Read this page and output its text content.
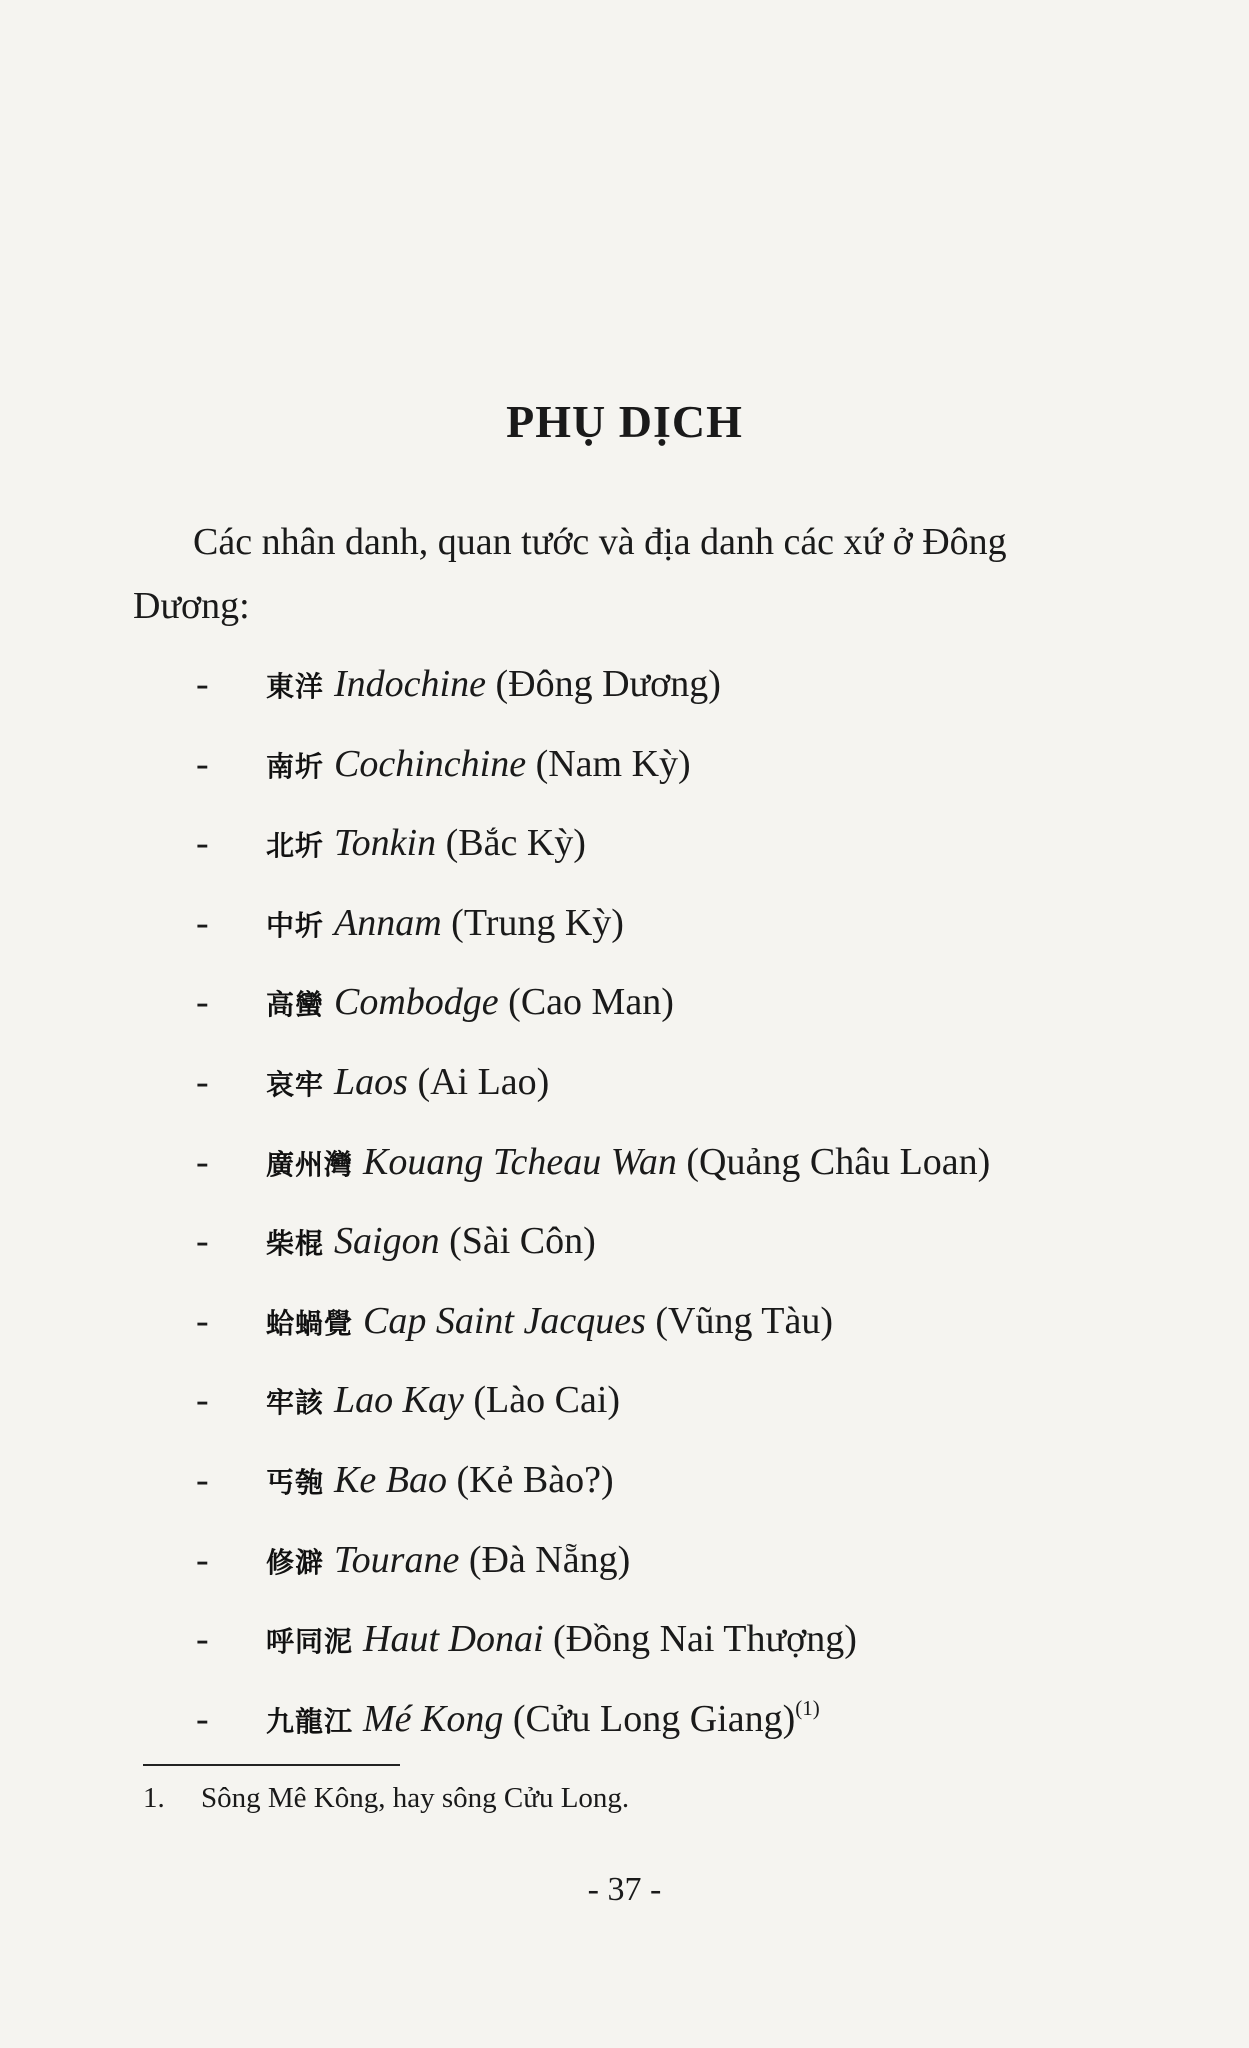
PHỤ DỊCH

Các nhân danh, quan tước và địa danh các xứ ở Đông Dương:

- 東洋 Indochine (Đông Dương)
- 南圻 Cochinchine (Nam Kỳ)
- 北圻 Tonkin (Bắc Kỳ)
- 中圻 Annam (Trung Kỳ)
- 高蠻 Combodge (Cao Man)
- 哀牢 Laos (Ai Lao)
- 廣州灣 Kouang Tcheau Wan (Quảng Châu Loan)
- 柴棍 Saigon (Sài Côn)
- 蛤蝸覺 Cap Saint Jacques (Vũng Tàu)
- 牢該 Lao Kay (Lào Cai)
- 丐匏 Ke Bao (Kẻ Bào?)
- 修澼 Tourane (Đà Nẵng)
- 呼同泥 Haut Donai (Đồng Nai Thượng)
- 九龍江 Mé Kong (Cửu Long Giang)$^{(1)}$
1. Sông Mê Kông, hay sông Cửu Long.
- 37 -
